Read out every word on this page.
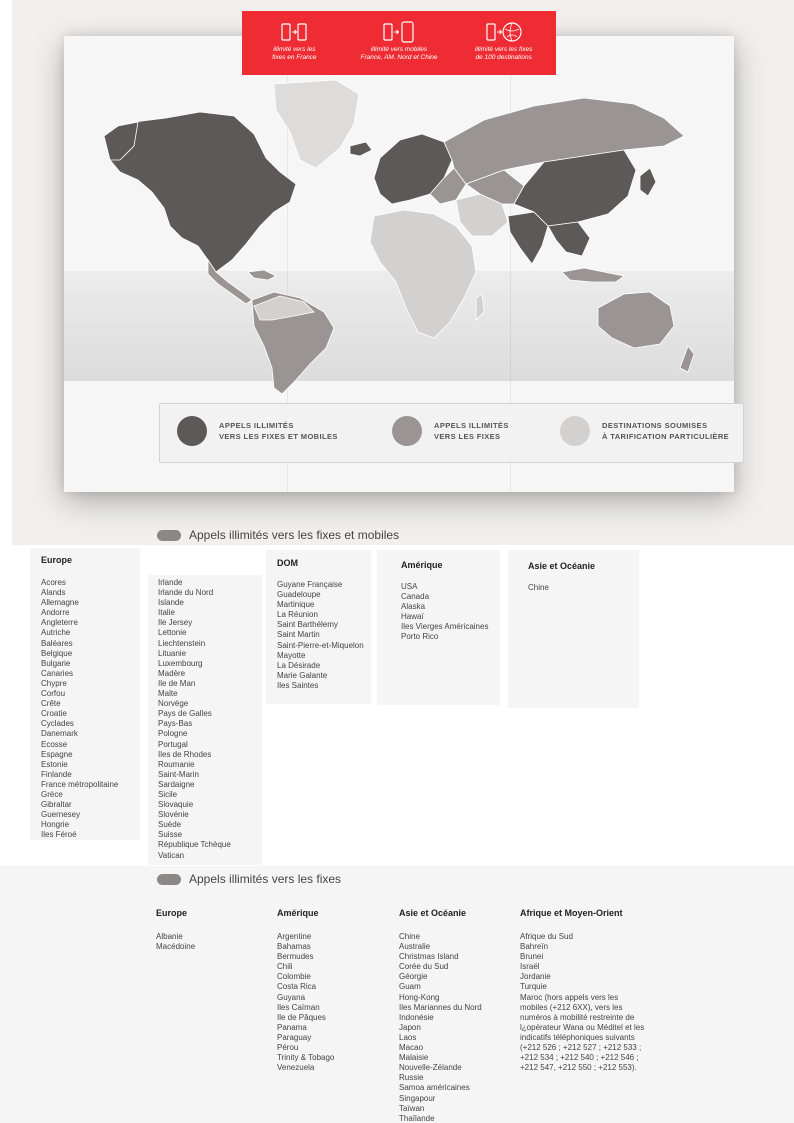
APPELS ILLIMITÉS
VERS LES FIXES ET MOBILES
APPELS ILLIMITÉS
VERS LES FIXES
DESTINATIONS SOUMISES
À TARIFICATION PARTICULIÈRE
illimité vers les
fixes en France
illimité vers mobiles
France, AM. Nord et Chine
illimité vers les fixes
de 100 destinations
Appels illimités vers les fixes et mobiles
Europe
Acores
Alands
Allemagne
Andorre
Angleterre
Autriche
Baléares
Belgique
Bulgarie
Canaries
Chypre
Corfou
Crête
Croatie
Cyclades
Danemark
Ecosse
Espagne
Estonie
Finlande
France métropolitaine
Grèce
Gibraltar
Guernesey
Hongrie
Iles Féroé
Irlande
Irlande du Nord
Islande
Italie
Ile Jersey
Lettonie
Liechtenstein
Lituanie
Luxembourg
Madère
Ile de Man
Malte
Norvège
Pays de Galles
Pays-Bas
Pologne
Portugal
Iles de Rhodes
Roumanie
Saint-Marin
Sardaigne
Sicile
Slovaquie
Slovénie
Suède
Suisse
République Tchèque
Vatican
DOM
Guyane Française
Guadeloupe
Martinique
La Réunion
Saint Barthélemy
Saint Martin
Saint-Pierre-et-Miquelon
Mayotte
La Désirade
Marie Galante
Iles Saintes
Amérique
USA
Canada
Alaska
Hawaï
Iles Vierges Américaines
Porto Rico
Asie et Océanie
Chine
Appels illimités vers les fixes
Europe
Albanie
Macédoine
Amérique
Argentine
Bahamas
Bermudes
Chili
Colombie
Costa Rica
Guyana
Iles Caïman
Ile de Pâques
Panama
Paraguay
Pérou
Trinity & Tobago
Venezuela
Asie et Océanie
Chine
Australie
Christmas Island
Corée du Sud
Géorgie
Guam
Hong-Kong
Iles Mariannes du Nord
Indonésie
Japon
Laos
Macao
Malaisie
Nouvelle-Zélande
Russie
Samoa américaines
Singapour
Taïwan
Thaïlande
Afrique et Moyen-Orient
Afrique du Sud
Bahreïn
Brunei
Israël
Jordanie
Turquie

Maroc (hors appels vers les mobiles (+212 6XX), vers les numéros à mobilité restreinte de l¿opérateur Wana ou Méditel et les indicatifs téléphoniques suivants (+212 526 ; +212 527 ; +212 533 ; +212 534 ; +212 540 ; +212 546 ; +212 547, +212 550 ; +212 553).
